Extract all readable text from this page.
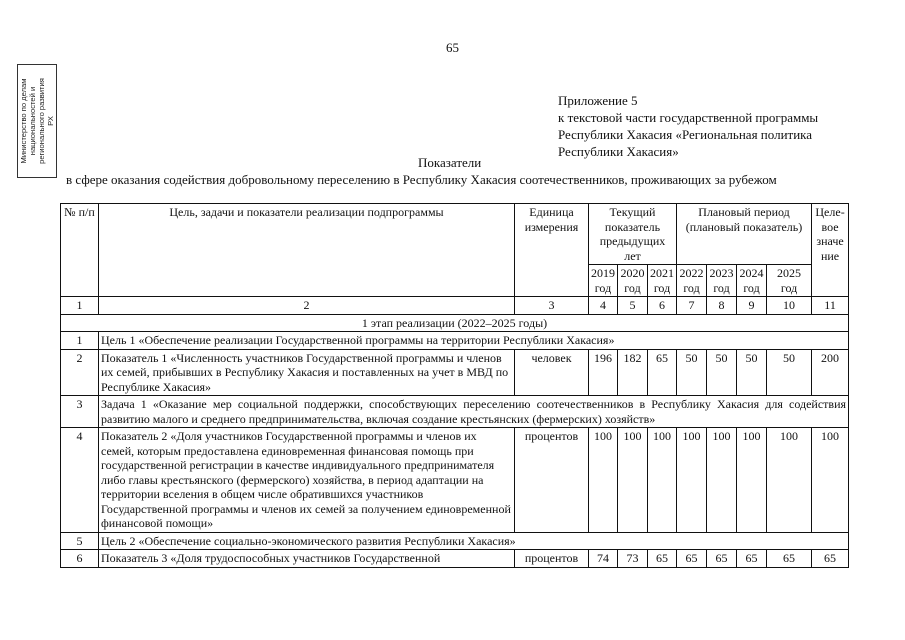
65
Министерство по делам национальностей и регионального развития РХ
Приложение 5
к текстовой части государственной программы
Республики Хакасия «Региональная политика
Республики Хакасия»
Показатели
в сфере оказания содействия добровольному переселению в Республику Хакасия соотечественников, проживающих за рубежом
№ п/п	Цель, задачи и показатели реализации подпрограммы	Единица измерения	Текущий показатель предыдущих лет			Плановый период (плановый показатель)				Целе-вое значе ние
			2019 год	2020 год	2021 год	2022 год	2023 год	2024 год	2025 год	
1	2	3	4	5	6	7	8	9	10	11
1 этап реализации (2022–2025 годы)										
1	Цель 1 «Обеспечение реализации Государственной программы на территории Республики Хакасия»									
2	Показатель 1 «Численность участников Государственной программы и членов их семей, прибывших в Республику Хакасия и поставленных на учет в МВД по Республике Хакасия»	человек	196	182	65	50	50	50	50	200
3	Задача 1 «Оказание мер социальной поддержки, способствующих переселению соотечественников в Республику Хакасия для содействия развитию малого и среднего предпринимательства, включая создание крестьянских (фермерских) хозяйств»									
4	Показатель 2 «Доля участников Государственной программы и членов их семей, которым предоставлена единовременная финансовая помощь при государственной регистрации в качестве индивидуального предпринимателя либо главы крестьянского (фермерского) хозяйства, в период адаптации на территории вселения в общем числе обратившихся участников Государственной программы и членов их семей за получением единовременной финансовой помощи»	процентов	100	100	100	100	100	100	100	100
5	Цель 2 «Обеспечение социально-экономического развития Республики Хакасия»									
6	Показатель 3 «Доля трудоспособных участников Государственной	процентов	74	73	65	65	65	65	65	65
